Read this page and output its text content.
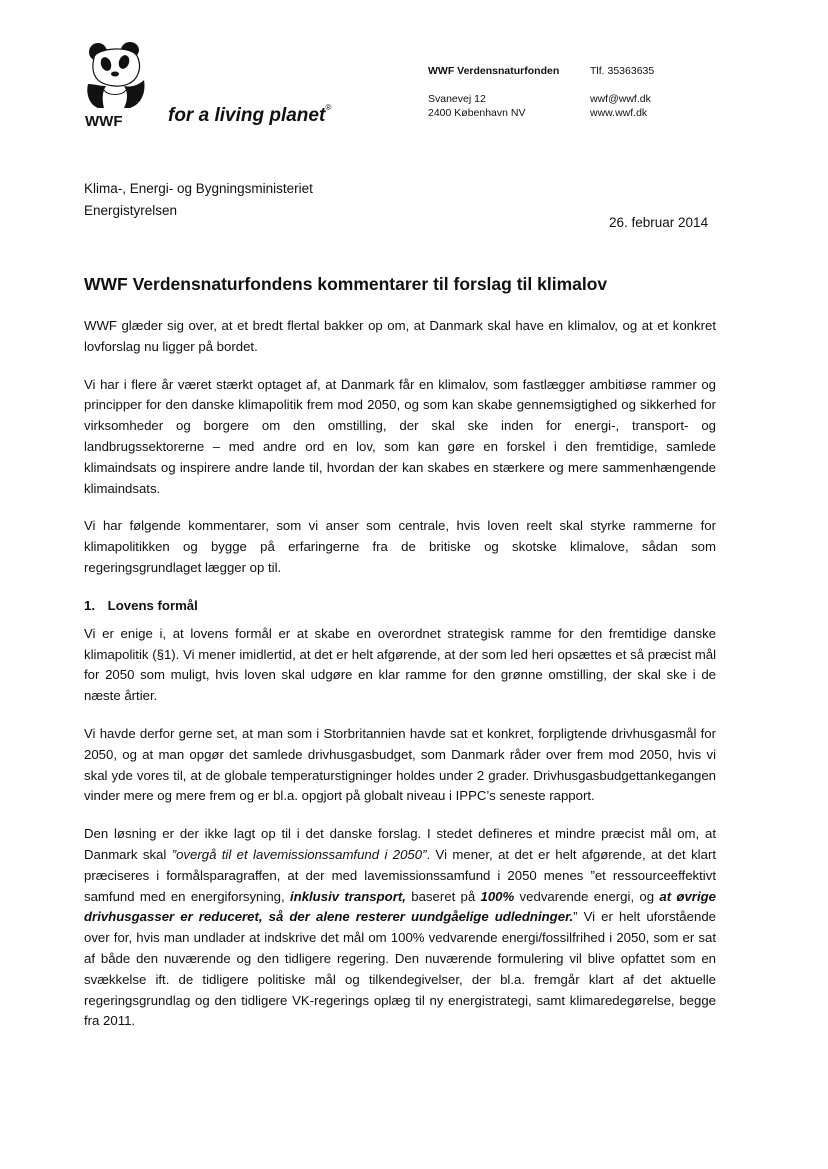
WWF for a living planet®
WWF Verdensnaturfonden
Svanevej 12
2400 København NV
Tlf. 35363635
wwf@wwf.dk
www.wwf.dk
Klima-, Energi- og Bygningsministeriet
Energistyrelsen
26. februar 2014
WWF Verdensnaturfondens kommentarer til forslag til klimalov

WWF glæder sig over, at et bredt flertal bakker op om, at Danmark skal have en klimalov, og at et konkret lovforslag nu ligger på bordet.

Vi har i flere år været stærkt optaget af, at Danmark får en klimalov, som fastlægger ambitiøse rammer og principper for den danske klimapolitik frem mod 2050, og som kan skabe gennemsigtighed og sikkerhed for virksomheder og borgere om den omstilling, der skal ske inden for energi-, transport- og landbrugssektorerne – med andre ord en lov, som kan gøre en forskel i den fremtidige, samlede klimaindsats og inspirere andre lande til, hvordan der kan skabes en stærkere og mere sammenhængende klimaindsats.

Vi har følgende kommentarer, som vi anser som centrale, hvis loven reelt skal styrke rammerne for klimapolitikken og bygge på erfaringerne fra de britiske og skotske klimalove, sådan som regeringsgrundlaget lægger op til.

1. Lovens formål

Vi er enige i, at lovens formål er at skabe en overordnet strategisk ramme for den fremtidige danske klimapolitik (§1). Vi mener imidlertid, at det er helt afgørende, at der som led heri opsættes et så præcist mål for 2050 som muligt, hvis loven skal udgøre en klar ramme for den grønne omstilling, der skal ske i de næste årtier.

Vi havde derfor gerne set, at man som i Storbritannien havde sat et konkret, forpligtende drivhusgasmål for 2050, og at man opgør det samlede drivhusgasbudget, som Danmark råder over frem mod 2050, hvis vi skal yde vores til, at de globale temperaturstigninger holdes under 2 grader. Drivhusgasbudgettankegangen vinder mere og mere frem og er bl.a. opgjort på globalt niveau i IPPC’s seneste rapport.

Den løsning er der ikke lagt op til i det danske forslag. I stedet defineres et mindre præcist mål om, at Danmark skal ”overgå til et lavemissionssamfund i 2050”. Vi mener, at det er helt afgørende, at det klart præciseres i formålsparagraffen, at der med lavemissionssamfund i 2050 menes ”et ressourceeffektivt samfund med en energiforsyning, inklusiv transport, baseret på 100% vedvarende energi, og at øvrige drivhusgasser er reduceret, så der alene resterer uundgåelige udledninger.” Vi er helt uforstående over for, hvis man undlader at indskrive det mål om 100% vedvarende energi/fossilfrihed i 2050, som er sat af både den nuværende og den tidligere regering. Den nuværende formulering vil blive opfattet som en svækkelse ift. de tidligere politiske mål og tilkendegivelser, der bl.a. fremgår klart af det aktuelle regeringsgrundlag og den tidligere VK-regerings oplæg til ny energistrategi, samt klimaredegørelse, begge fra 2011.
